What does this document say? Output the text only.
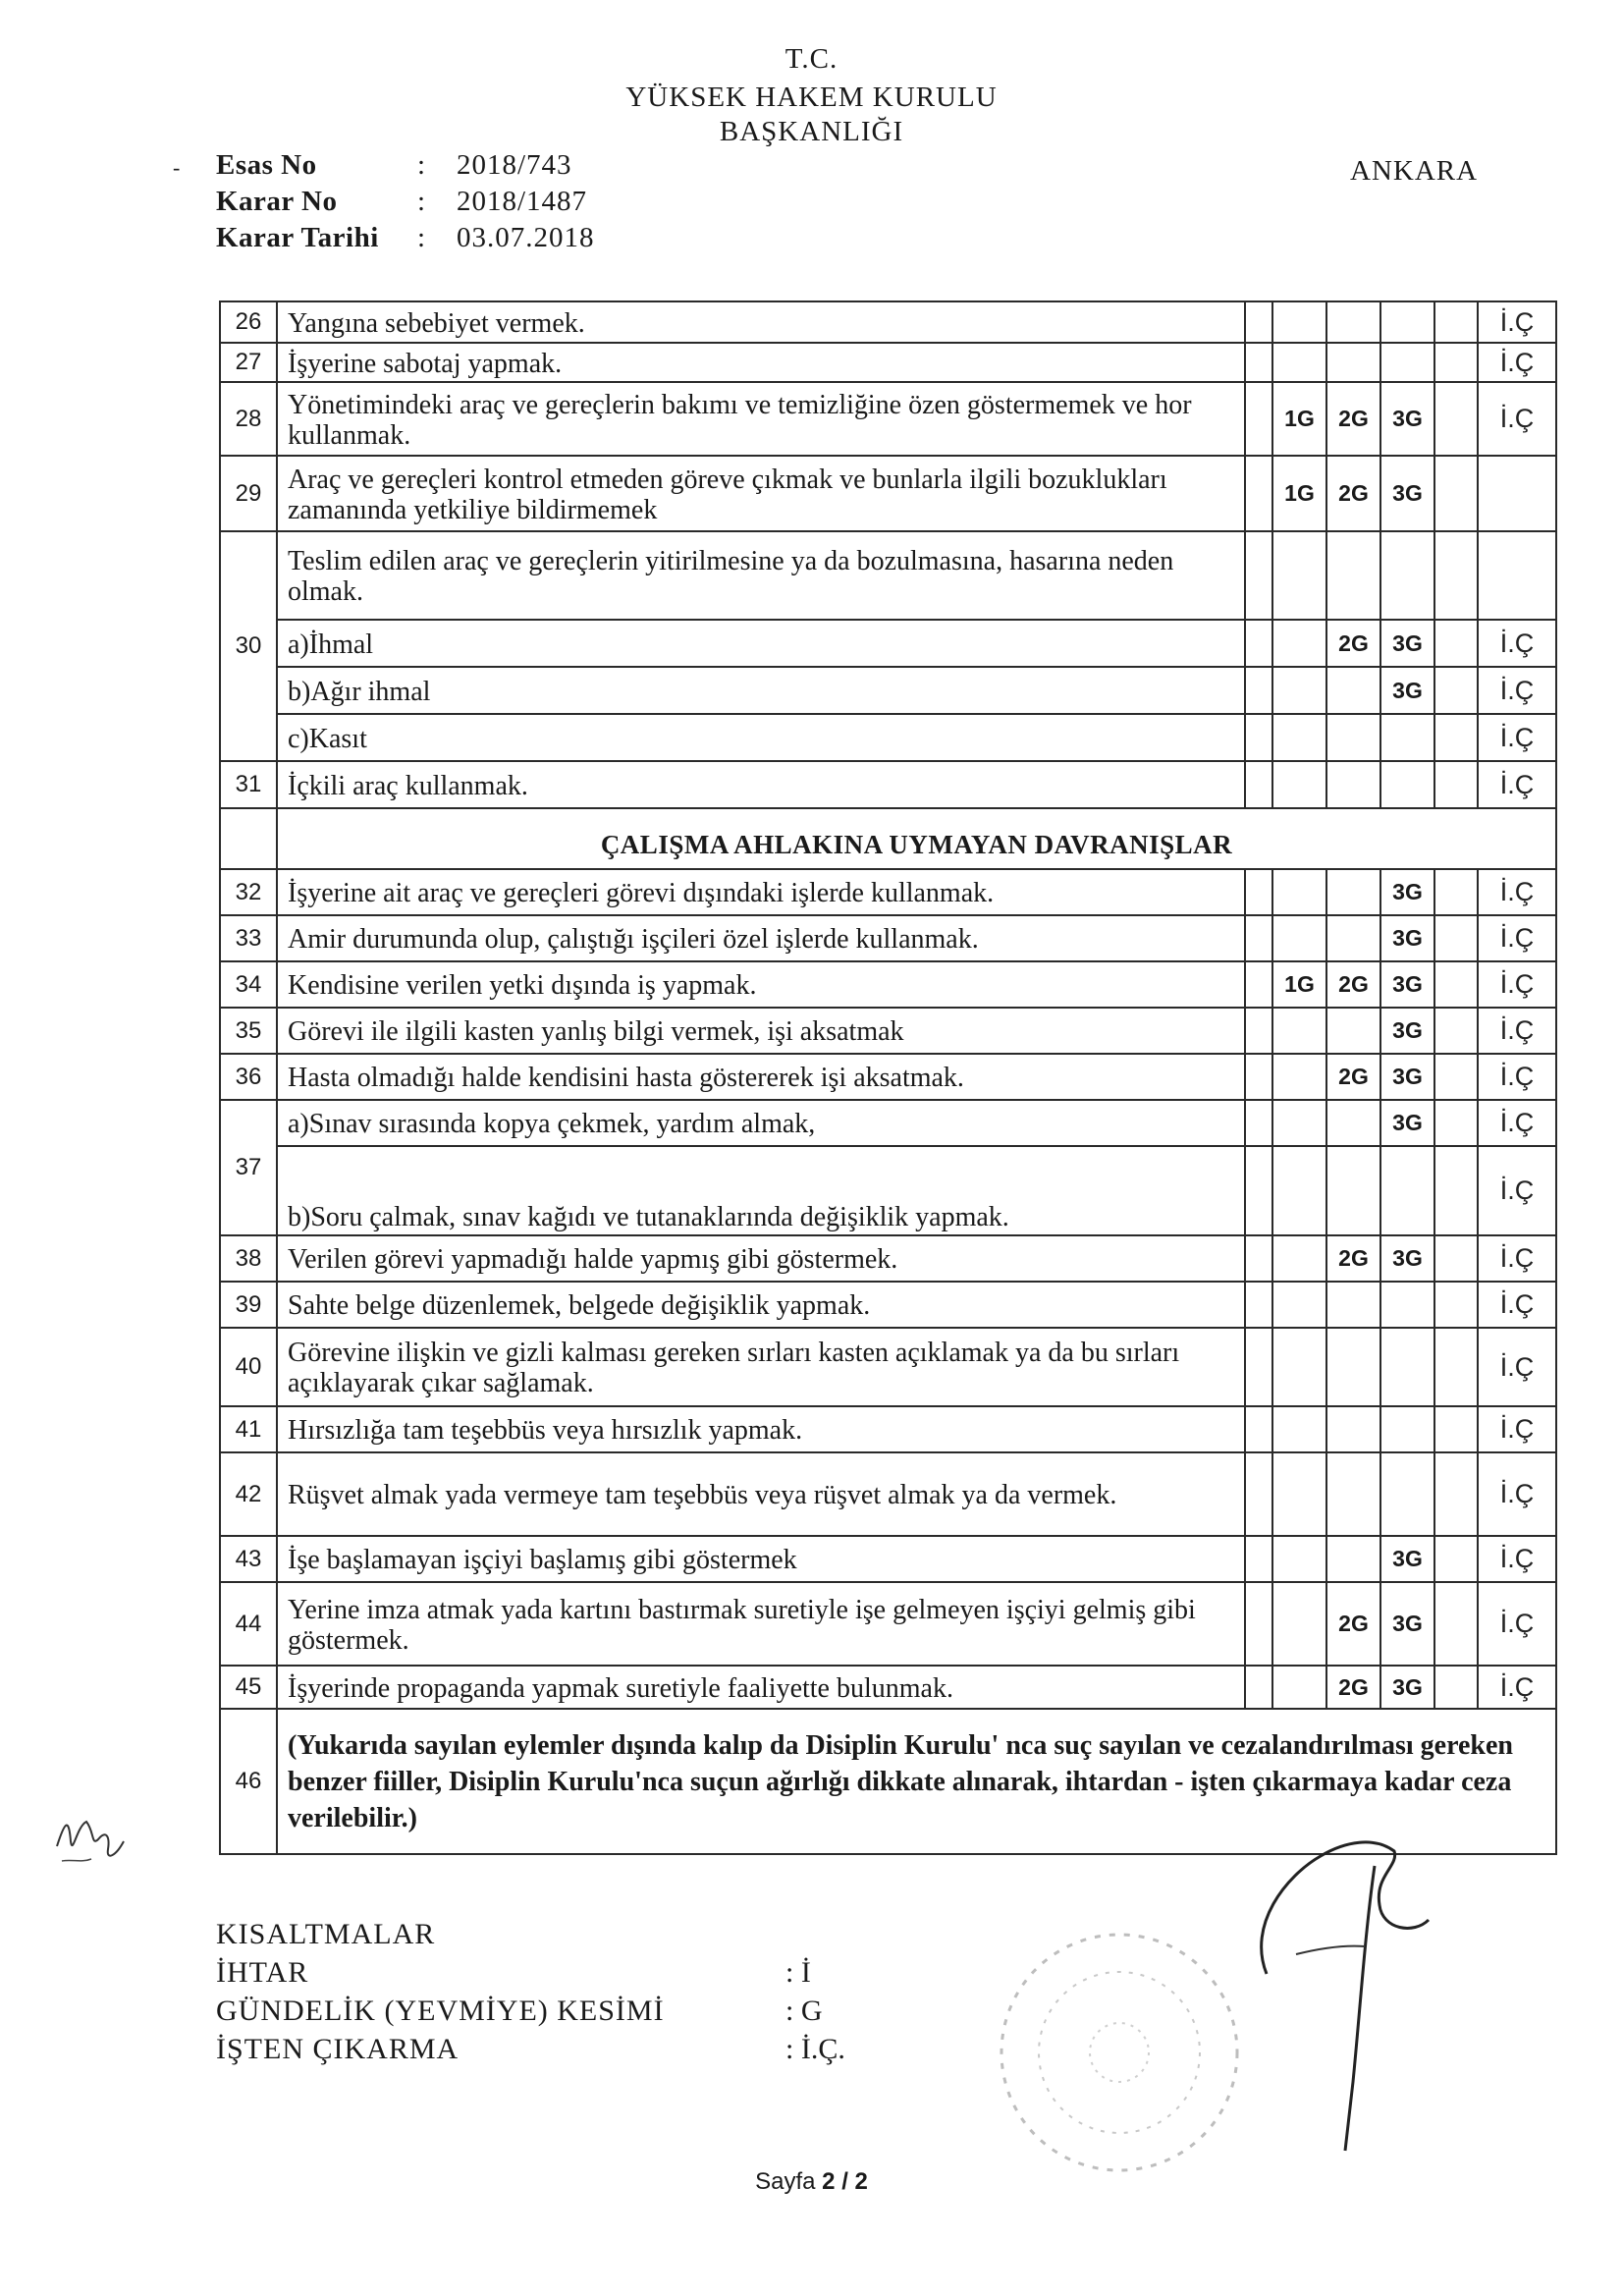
T.C.
YÜKSEK HAKEM KURULU
BAŞKANLIĞI
- Esas No	:	2018/743
Karar No	:	2018/1487
Karar Tarihi	:	03.07.2018
ANKARA
26	Yangına sebebiyet vermek.						İ.Ç
27	İşyerine sabotaj yapmak.						İ.Ç
28	Yönetimindeki araç ve gereçlerin bakımı ve temizliğine özen göstermemek ve hor kullanmak.		1G	2G	3G		İ.Ç
29	Araç ve gereçleri kontrol etmeden göreve çıkmak ve bunlarla ilgili bozuklukları zamanında yetkiliye bildirmemek		1G	2G	3G		
30	Teslim edilen araç ve gereçlerin yitirilmesine ya da bozulmasına, hasarına neden olmak.						
	a)İhmal			2G	3G		İ.Ç
	b)Ağır ihmal				3G		İ.Ç
	c)Kasıt						İ.Ç
31	İçkili araç kullanmak.						İ.Ç
	ÇALIŞMA AHLAKINA UYMAYAN DAVRANIŞLAR						
32	İşyerine ait araç ve gereçleri görevi dışındaki işlerde kullanmak.				3G		İ.Ç
33	Amir durumunda olup, çalıştığı işçileri özel işlerde kullanmak.				3G		İ.Ç
34	Kendisine verilen yetki dışında iş yapmak.		1G	2G	3G		İ.Ç
35	Görevi ile ilgili kasten yanlış bilgi vermek, işi aksatmak				3G		İ.Ç
36	Hasta olmadığı halde kendisini hasta göstererek işi aksatmak.			2G	3G		İ.Ç
37	a)Sınav sırasında kopya çekmek, yardım almak,				3G		İ.Ç
	b)Soru çalmak, sınav kağıdı ve tutanaklarında değişiklik yapmak.						İ.Ç
38	Verilen görevi yapmadığı halde yapmış gibi göstermek.			2G	3G		İ.Ç
39	Sahte belge düzenlemek, belgede değişiklik yapmak.						İ.Ç
40	Görevine ilişkin ve gizli kalması gereken sırları kasten açıklamak ya da bu sırları açıklayarak çıkar sağlamak.						İ.Ç
41	Hırsızlığa tam teşebbüs veya hırsızlık yapmak.						İ.Ç
42	Rüşvet almak yada vermeye tam teşebbüs veya rüşvet almak ya da vermek.						İ.Ç
43	İşe başlamayan işçiyi başlamış gibi göstermek				3G		İ.Ç
44	Yerine imza atmak yada kartını bastırmak suretiyle işe gelmeyen işçiyi gelmiş gibi göstermek.			2G	3G		İ.Ç
45	İşyerinde propaganda yapmak suretiyle faaliyette bulunmak.			2G	3G		İ.Ç
46	(Yukarıda sayılan eylemler dışında kalıp da Disiplin Kurulu' nca suç sayılan ve cezalandırılması gereken benzer fiiller, Disiplin Kurulu'nca suçun ağırlığı dikkate alınarak, ihtardan - işten çıkarmaya kadar ceza verilebilir.)						
KISALTMALAR
İHTAR	: İ
GÜNDELİK (YEVMİYE) KESİMİ	: G
İŞTEN ÇIKARMA	: İ.Ç.
Sayfa 2 / 2
